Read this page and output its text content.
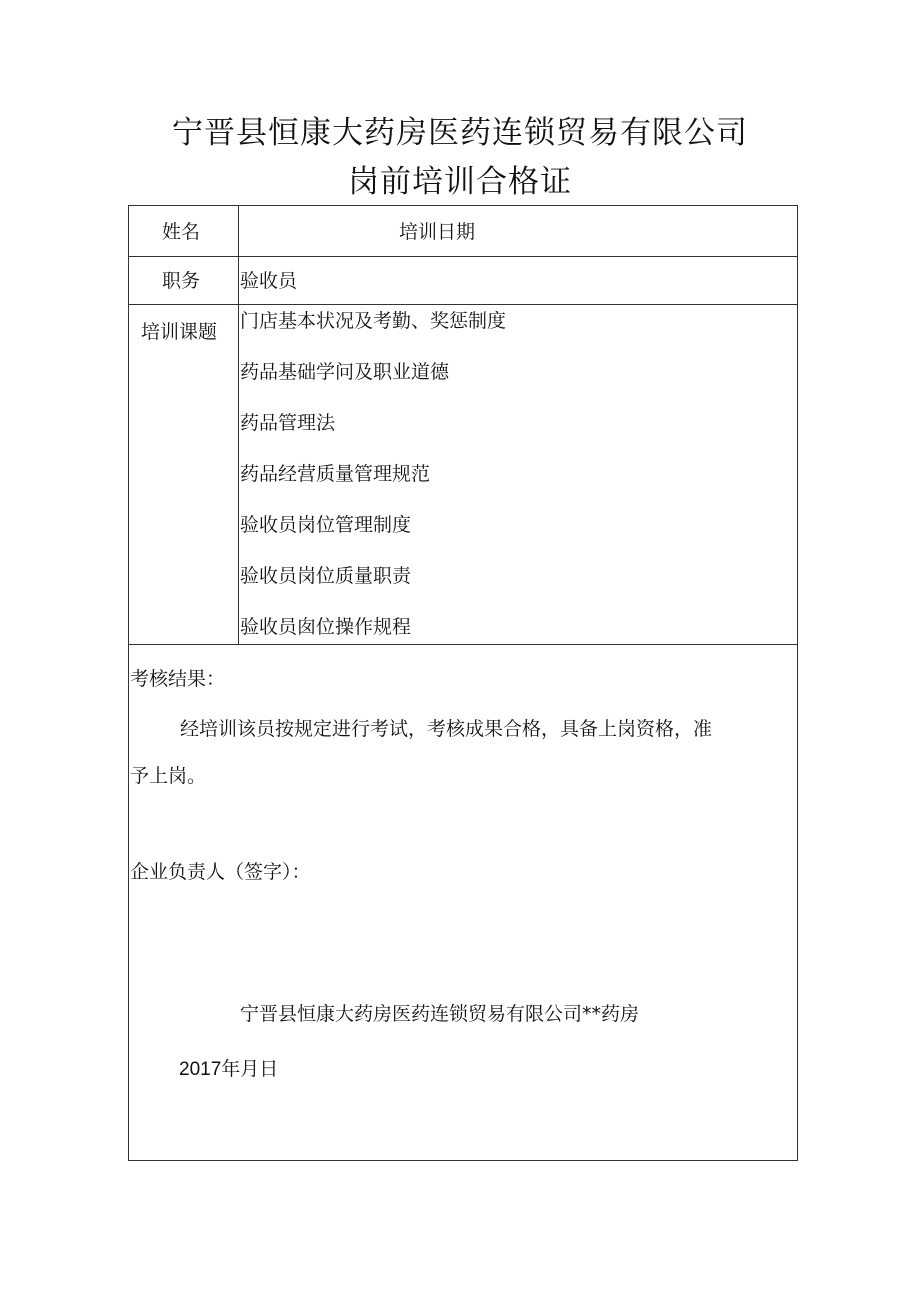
宁晋县恒康大药房医药连锁贸易有限公司
岗前培训合格证
姓名	培训日期
职务 验收员
培训课题 门店基本状况及考勤、奖惩制度
药品基础学问及职业道德
药品管理法
药品经营质量管理规范
验收员岗位管理制度
验收员岗位质量职责
验收员囱位操作规程
考核结果：
经培训该员按规定进行考试，考核成果合格，具备上岗资格，准
予上岗。
企业负责人（签字）：
宁晋县恒康大药房医药连锁贸易有限公司**药房
2017年月日
